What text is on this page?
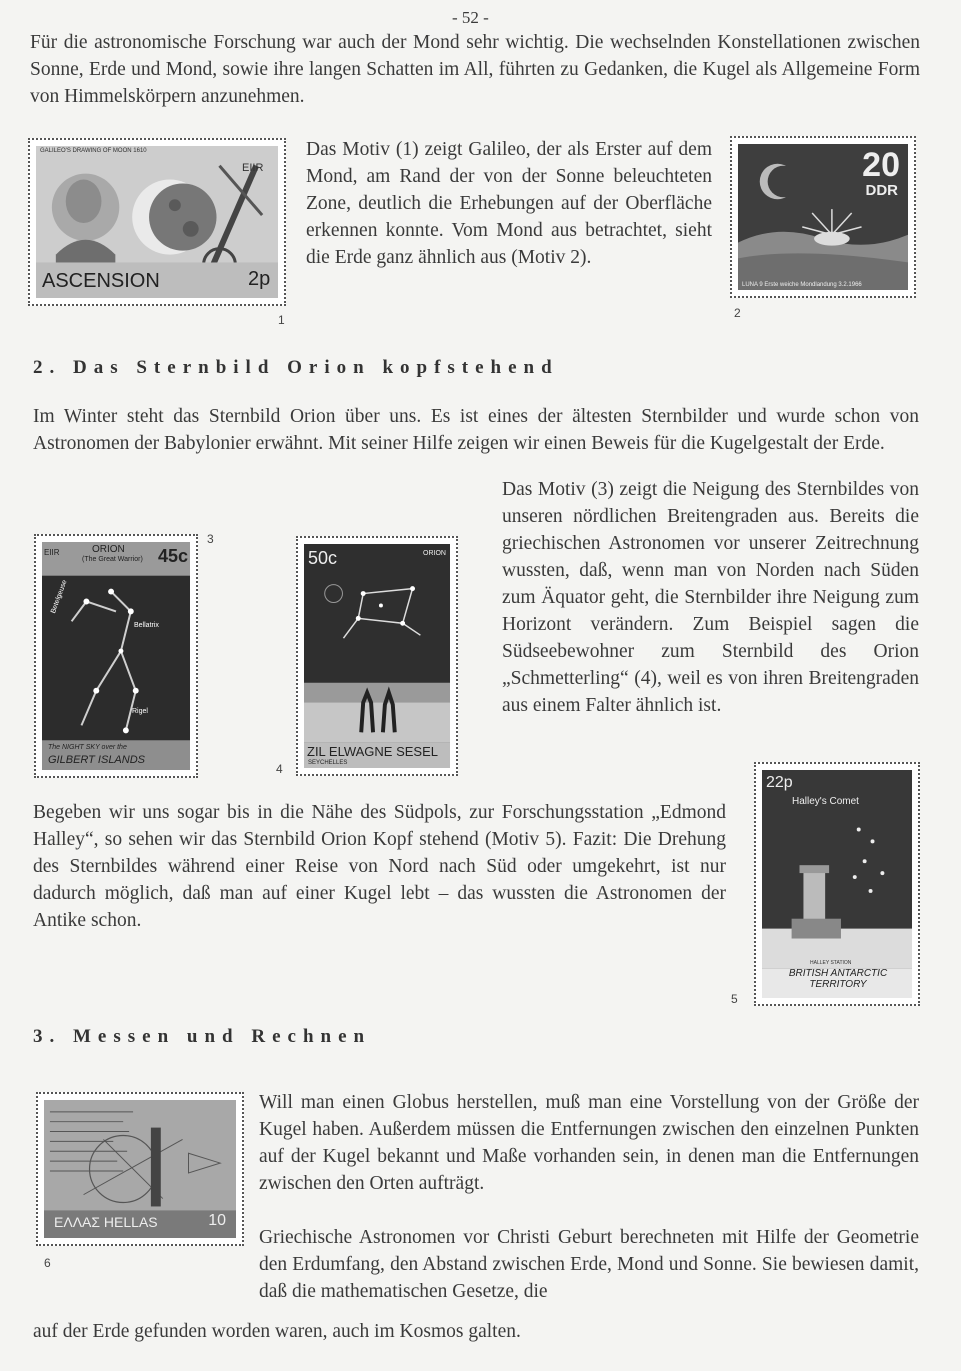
- 52 -
Für die astronomische Forschung war auch der Mond sehr wichtig. Die wechselnden Konstellationen zwischen Sonne, Erde und Mond, sowie ihre langen Schatten im All, führten zu Gedanken, die Kugel als Allgemeine Form von Himmelskörpern anzunehmen.
GALILEO'S DRAWING OF MOON 1610
EIIR
ASCENSION	2p
1
Das Motiv (1) zeigt Galileo, der als Erster auf dem Mond, am Rand der von der Sonne beleuchteten Zone, deutlich die Erhebungen auf der Oberfläche erkennen konnte. Vom Mond aus betrachtet, sieht die Erde ganz ähnlich aus (Motiv 2).
20
DDR
LUNA 9 Erste weiche Mondlandung 3.2.1966
2
2. Das Sternbild Orion kopfstehend
Im Winter steht das Sternbild Orion über uns. Es ist eines der ältesten Sternbilder und wurde schon von Astronomen der Babylonier erwähnt. Mit seiner Hilfe zeigen wir einen Beweis für die Kugelgestalt der Erde.
ORION
(The Great Warrior)
EIIR	45c
Betelgeuse
Bellatrix
Rigel
The NIGHT SKY over the
GILBERT ISLANDS
3
50c	ORION
ZIL ELWAGNE SESEL
SEYCHELLES
4
Das Motiv (3) zeigt die Neigung des Sternbildes von unseren nördlichen Breitengraden aus. Bereits die griechischen Astronomen vor unserer Zeitrechnung wussten, daß, wenn man von Norden nach Süden zum Äquator geht, die Sternbilder ihre Neigung zum Horizont verändern. Zum Beispiel sagen die Südseebewohner zum Sternbild des Orion „Schmetterling“ (4), weil es von ihren Breitengraden aus einem Falter ähnlich ist.
Begeben wir uns sogar bis in die Nähe des Südpols, zur Forschungsstation „Edmond Halley“, so sehen wir das Sternbild Orion Kopf stehend (Motiv 5). Fazit: Die Drehung des Sternbildes während einer Reise von Nord nach Süd oder umgekehrt, ist nur dadurch möglich, daß man auf einer Kugel lebt – das wussten die Astronomen der Antike schon.
22p
Halley's Comet
HALLEY STATION
BRITISH ANTARCTIC TERRITORY
5
3. Messen und Rechnen
ΕΛΛΑΣ HELLAS	10
6
Will man einen Globus herstellen, muß man eine Vorstellung von der Größe der Kugel haben. Außerdem müssen die Entfernungen zwischen den einzelnen Punkten auf der Kugel bekannt und Maße vorhanden sein, in denen man die Entfernungen zwischen den Orten aufträgt.
Griechische Astronomen vor Christi Geburt berechneten mit Hilfe der Geometrie den Erdumfang, den Abstand zwischen Erde, Mond und Sonne. Sie bewiesen damit, daß die mathematischen Gesetze, die
auf der Erde gefunden worden waren, auch im Kosmos galten.
